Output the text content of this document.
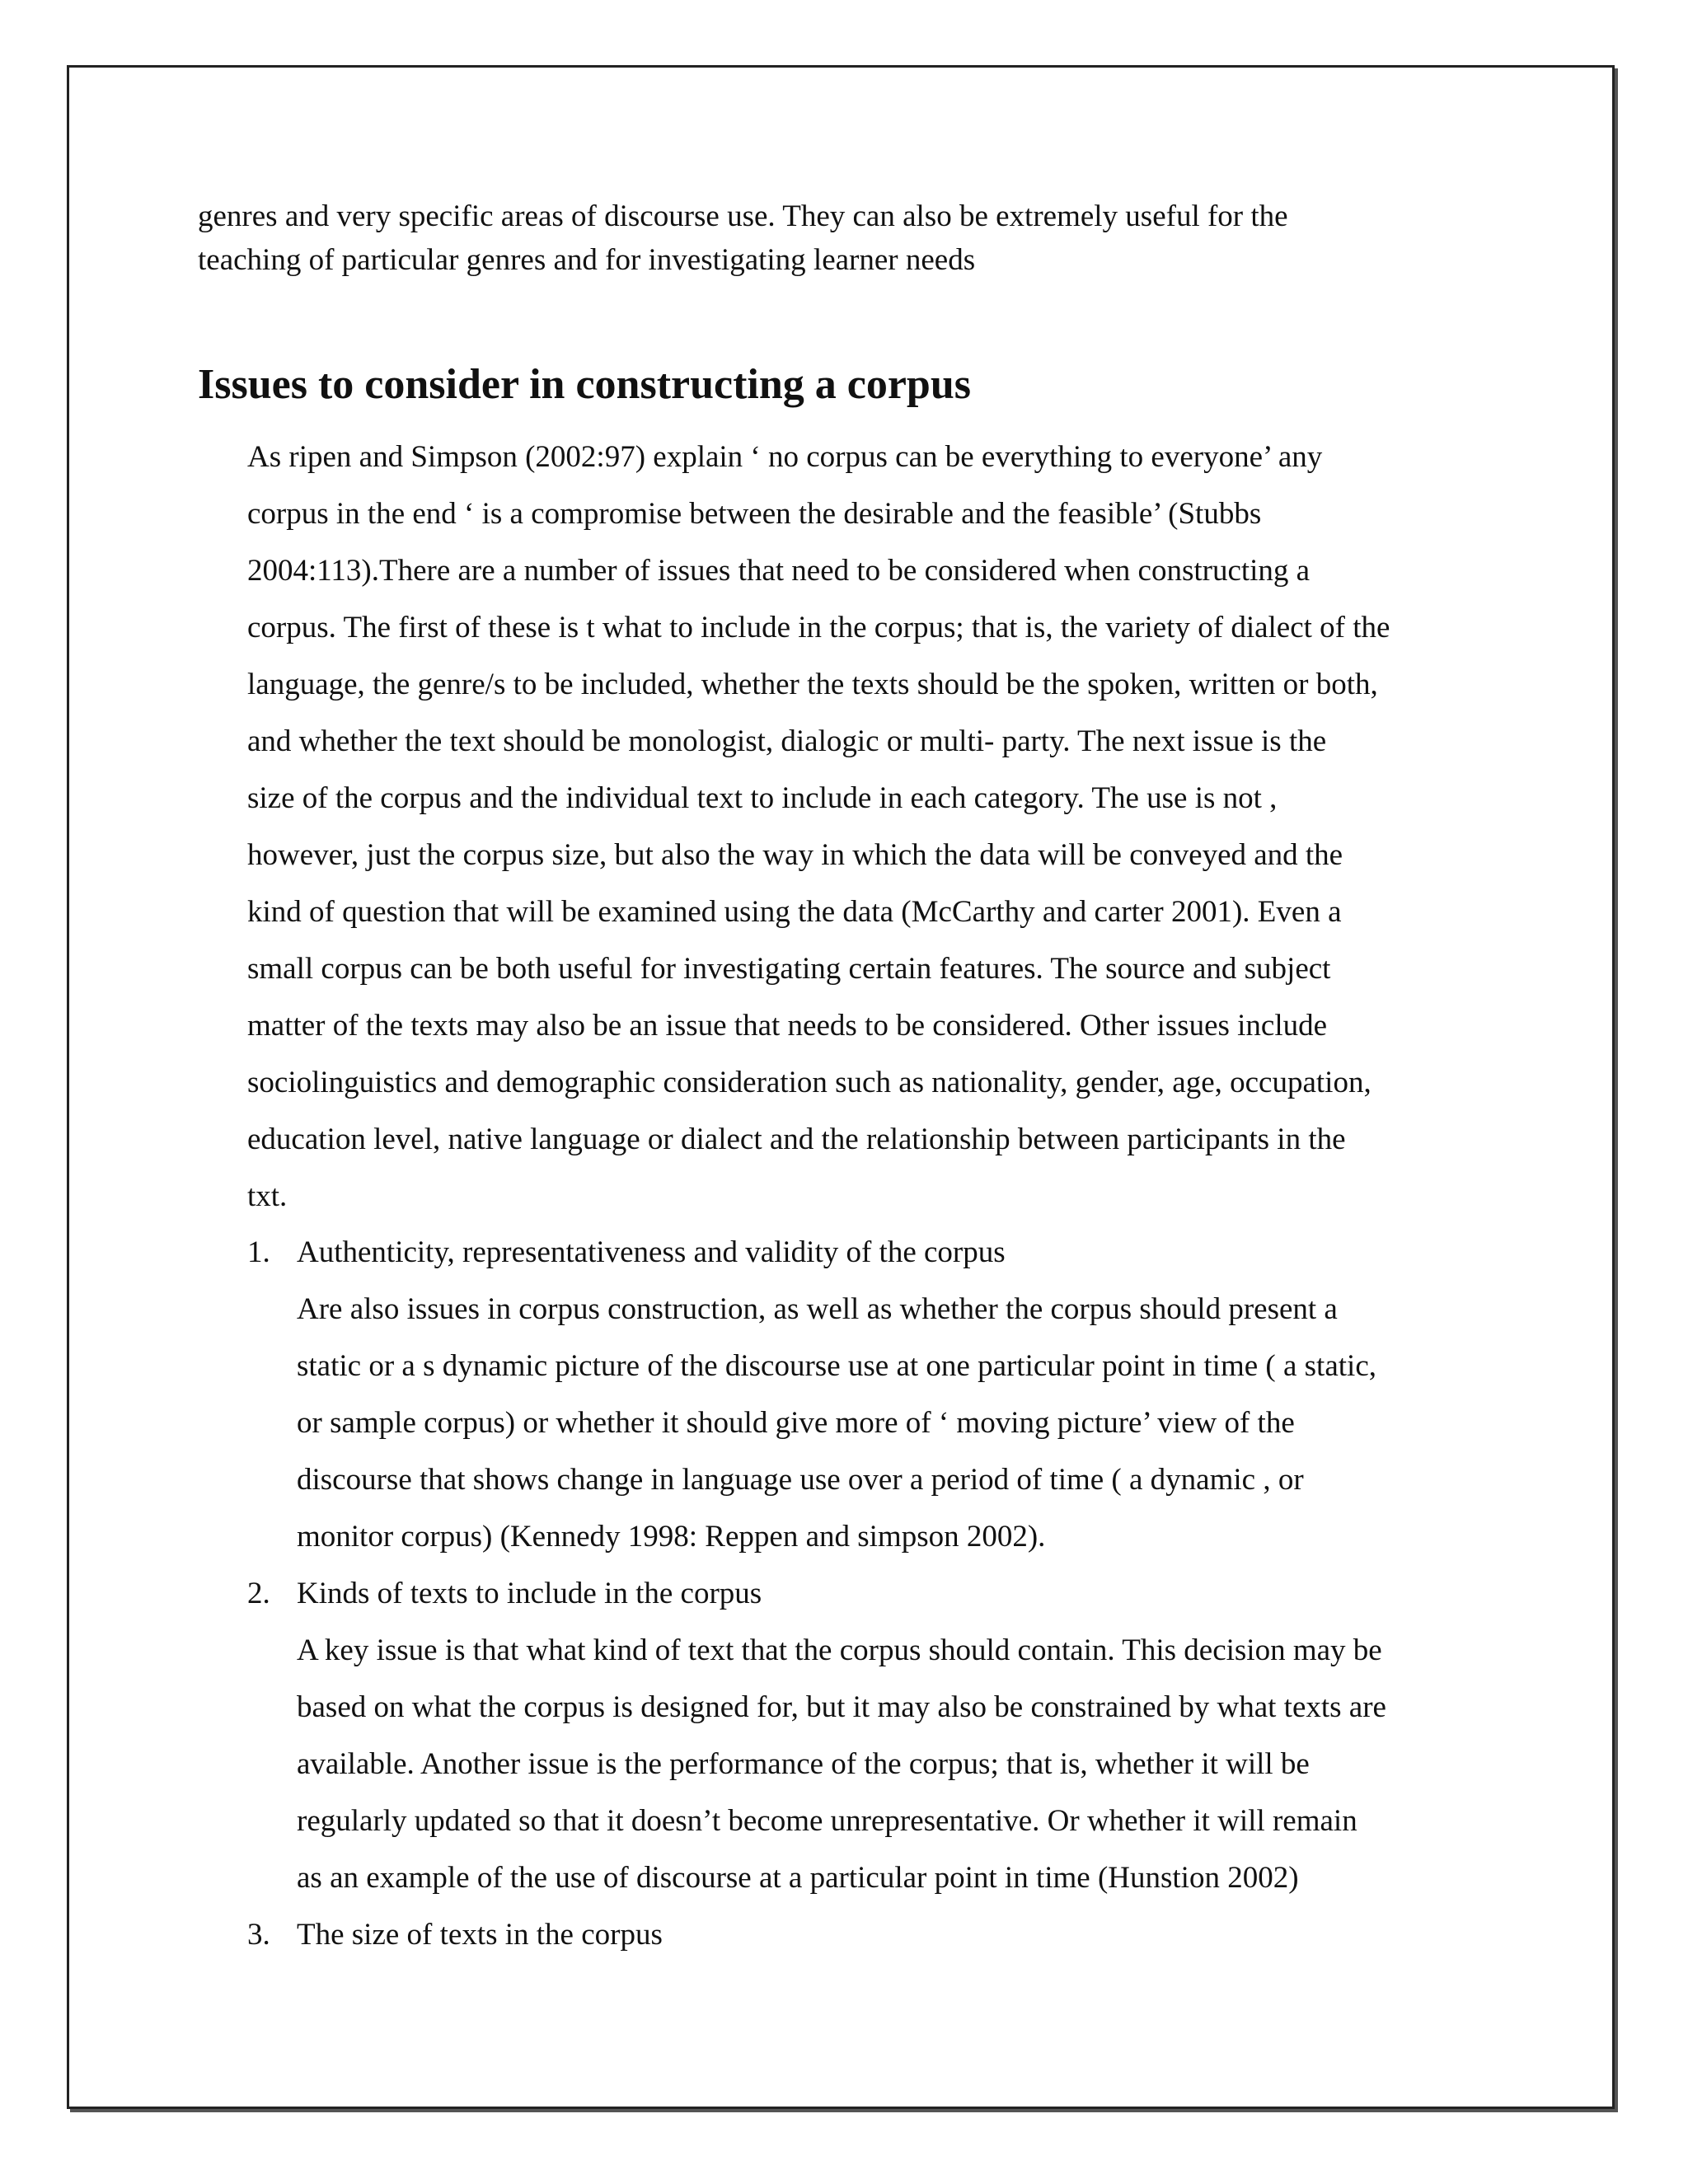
genres and very specific areas of discourse use. They can also be extremely useful for the
teaching of particular genres and for investigating learner needs

Issues to consider in constructing a corpus

As ripen and Simpson (2002:97) explain ‘ no corpus can be everything to everyone’ any
corpus in the end ‘ is a compromise between the desirable and the feasible’ (Stubbs
2004:113).There are a number of issues that need to be considered when constructing a
corpus. The first of these is t what to include in the corpus; that is, the variety of dialect of the
language, the genre/s to be included, whether the texts should be the spoken, written or both,
and whether the text should be monologist, dialogic or multi- party. The next issue is the
size of the corpus and the individual text to include in each category. The use is not ,
however, just the corpus size, but also the way in which the data will be conveyed and the
kind of question that will be examined using the data (McCarthy and carter 2001). Even a
small corpus can be both useful for investigating certain features. The source and subject
matter of the texts may also be an issue that needs to be considered. Other issues include
sociolinguistics and demographic consideration such as nationality, gender, age, occupation,
education level, native language or dialect and the relationship between participants in the
txt.

1. Authenticity, representativeness and validity of the corpus
Are also issues in corpus construction, as well as whether the corpus should present a
static or a s dynamic picture of the discourse use at one particular point in time ( a static,
or sample corpus) or whether it should give more of ‘ moving picture’ view of the
discourse that shows change in language use over a period of time ( a dynamic , or
monitor corpus) (Kennedy 1998: Reppen and simpson 2002).
2. Kinds of texts to include in the corpus
A key issue is that what kind of text that the corpus should contain. This decision may be
based on what the corpus is designed for, but it may also be constrained by what texts are
available. Another issue is the performance of the corpus; that is, whether it will be
regularly updated so that it doesn’t become unrepresentative. Or whether it will remain
as an example of the use of discourse at a particular point in time (Hunstion 2002)
3. The size of texts in the corpus
